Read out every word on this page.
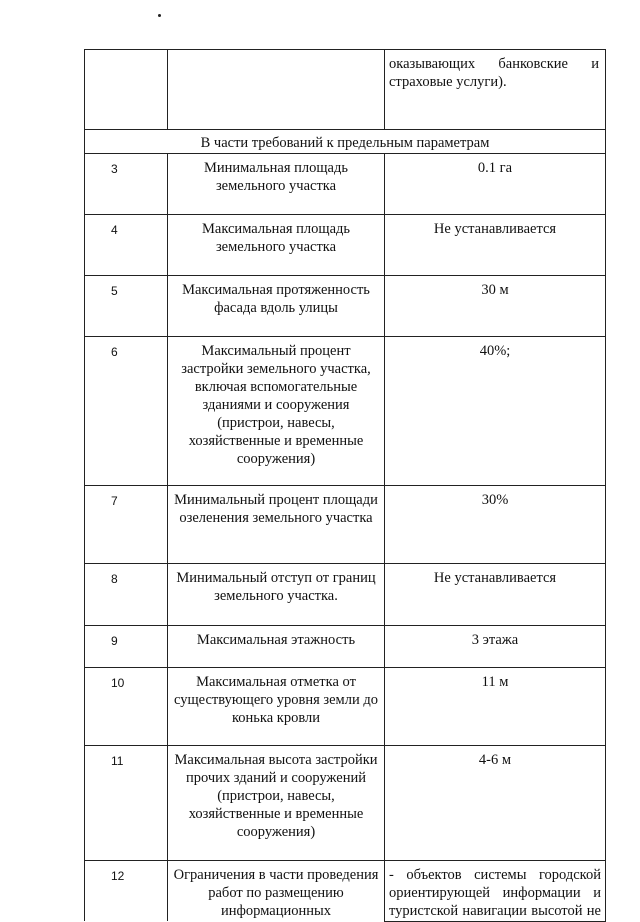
		оказывающих банковские и
страховые услуги).

В части требований к предельным параметрам		
3	Минимальная площадь земельного участка	0.1 га
4	Максимальная площадь земельного участка	Не устанавливается
5	Максимальная протяженность фасада вдоль улицы	30 м
6	Максимальный процент застройки земельного участка, включая вспомогательные зданиями и сооружения (пристрои, навесы, хозяйственные и временные сооружения)	40%;
7	Минимальный процент площади озеленения земельного участка	30%
8	Минимальный отступ от границ земельного участка.	Не устанавливается
9	Максимальная этажность	3 этажа
10	Максимальная отметка от существующего уровня земли до конька кровли	11 м
11	Максимальная высота застройки прочих зданий и сооружений (пристрои, навесы, хозяйственные и временные сооружения)	4-6 м
12	Ограничения в части проведения работ по размещению информационных	- объектов системы городской ориентирующей информации и туристской навигации высотой не
